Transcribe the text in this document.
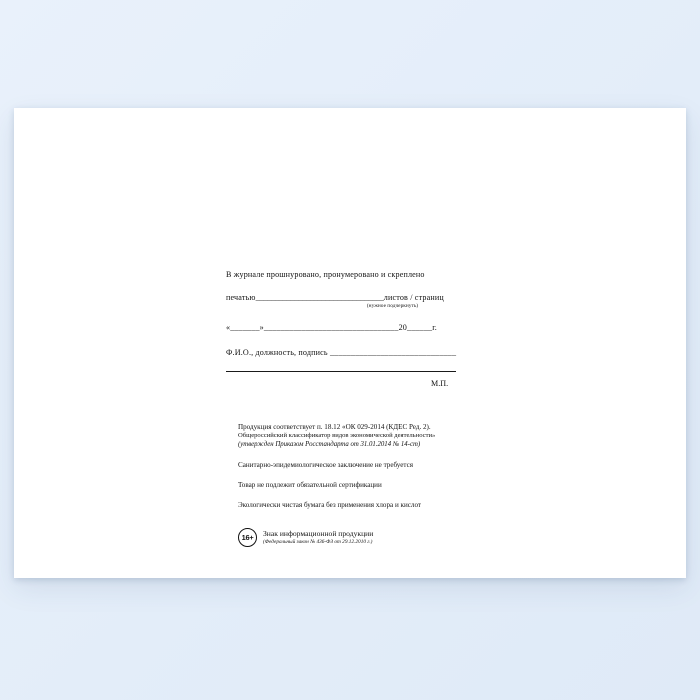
В журнале прошнуровано, пронумеровано и скреплено
печатью_________________________________листов / страниц
(нужное подчеркнуть)
«_______»________________________________20______г.
Ф.И.О., должность, подпись ______________________________
М.П.
Продукция соответствует п. 18.12 «ОК 029-2014 (КДЕС Ред. 2).
Общероссийский классификатор видов экономической деятельности»
(утвержден Приказом Росстандарта от 31.01.2014 № 14-ст)
Санитарно-эпидемиологическое заключение не требуется
Товар не подлежит обязательной сертификации
Экологически чистая бумага без применения хлора и кислот
16+	Знак информационной продукции
(Федеральный закон № 436-ФЗ от 29.12.2010 г.)
